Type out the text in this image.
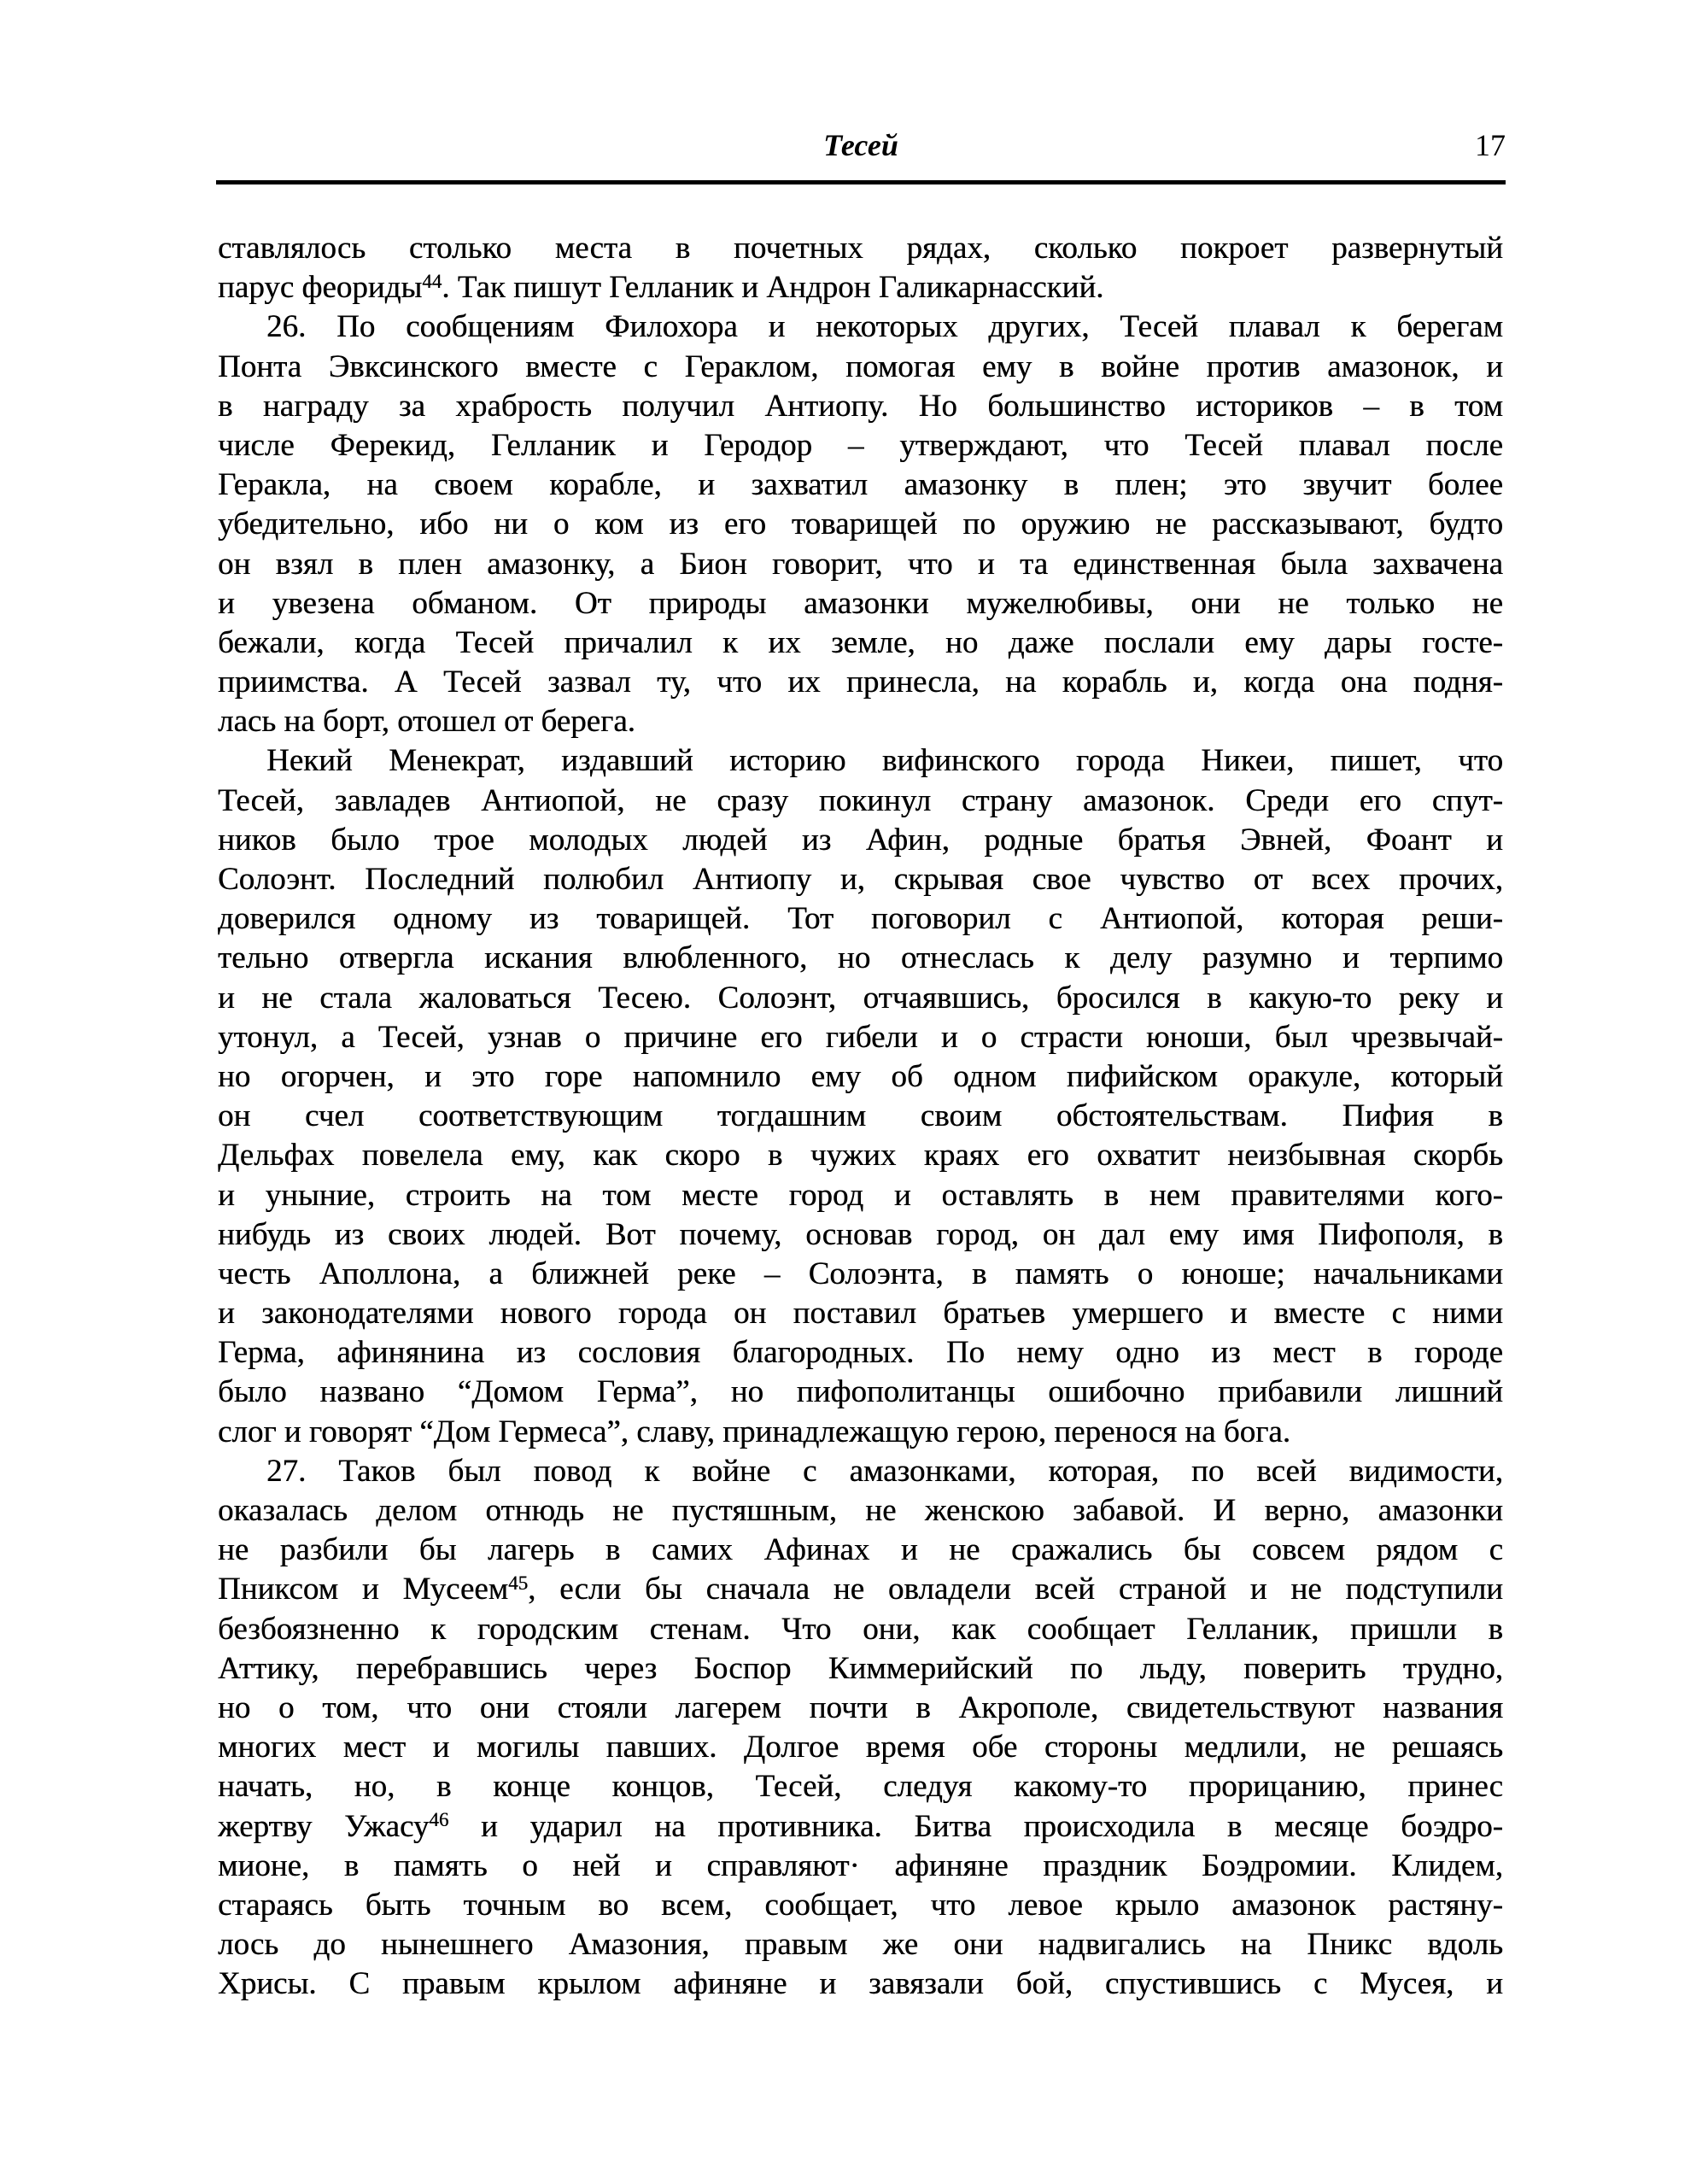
Тесей	17
ставлялось столько места в почетных рядах, сколько покроет развернутый
парус феориды$^{44}$. Так пишут Гелланик и Андрон Галикарнасский.
26. По сообщениям Филохора и некоторых других, Тесей плавал к берегам
Понта Эвксинского вместе с Гераклом, помогая ему в войне против амазонок, и
в награду за храбрость получил Антиопу. Но большинство историков – в том
числе Ферекид, Гелланик и Геродор – утверждают, что Тесей плавал после
Геракла, на своем корабле, и захватил амазонку в плен; это звучит более
убедительно, ибо ни о ком из его товарищей по оружию не рассказывают, будто
он взял в плен амазонку, а Бион говорит, что и та единственная была захвачена
и увезена обманом. От природы амазонки мужелюбивы, они не только не
бежали, когда Тесей причалил к их земле, но даже послали ему дары госте-
приимства. А Тесей зазвал ту, что их принесла, на корабль и, когда она подня-
лась на борт, отошел от берега.
Некий Менекрат, издавший историю вифинского города Никеи, пишет, что
Тесей, завладев Антиопой, не сразу покинул страну амазонок. Среди его спут-
ников было трое молодых людей из Афин, родные братья Эвней, Фоант и
Солоэнт. Последний полюбил Антиопу и, скрывая свое чувство от всех прочих,
доверился одному из товарищей. Тот поговорил с Антиопой, которая реши-
тельно отвергла искания влюбленного, но отнеслась к делу разумно и терпимо
и не стала жаловаться Тесею. Солоэнт, отчаявшись, бросился в какую-то реку и
утонул, а Тесей, узнав о причине его гибели и о страсти юноши, был чрезвычай-
но огорчен, и это горе напомнило ему об одном пифийском оракуле, который
он счел соответствующим тогдашним своим обстоятельствам. Пифия в
Дельфах повелела ему, как скоро в чужих краях его охватит неизбывная скорбь
и уныние, строить на том месте город и оставлять в нем правителями кого-
нибудь из своих людей. Вот почему, основав город, он дал ему имя Пифополя, в
честь Аполлона, а ближней реке – Солоэнта, в память о юноше; начальниками
и законодателями нового города он поставил братьев умершего и вместе с ними
Герма, афинянина из сословия благородных. По нему одно из мест в городе
было названо “Домом Герма”, но пифополитанцы ошибочно прибавили лишний
слог и говорят “Дом Гермеса”, славу, принадлежащую герою, перенося на бога.
27. Таков был повод к войне с амазонками, которая, по всей видимости,
оказалась делом отнюдь не пустяшным, не женскою забавой. И верно, амазонки
не разбили бы лагерь в самих Афинах и не сражались бы совсем рядом с
Пниксом и Мусеем$^{45}$, если бы сначала не овладели всей страной и не подступили
безбоязненно к городским стенам. Что они, как сообщает Гелланик, пришли в
Аттику, перебравшись через Боспор Киммерийский по льду, поверить трудно,
но о том, что они стояли лагерем почти в Акрополе, свидетельствуют названия
многих мест и могилы павших. Долгое время обе стороны медлили, не решаясь
начать, но, в конце концов, Тесей, следуя какому-то прорицанию, принес
жертву Ужасу$^{46}$ и ударил на противника. Битва происходила в месяце боэдро-
мионе, в память о ней и справляют· афиняне праздник Боэдромии. Клидем,
стараясь быть точным во всем, сообщает, что левое крыло амазонок растяну-
лось до нынешнего Амазония, правым же они надвигались на Пникс вдоль
Хрисы. С правым крылом афиняне и завязали бой, спустившись с Мусея, и
